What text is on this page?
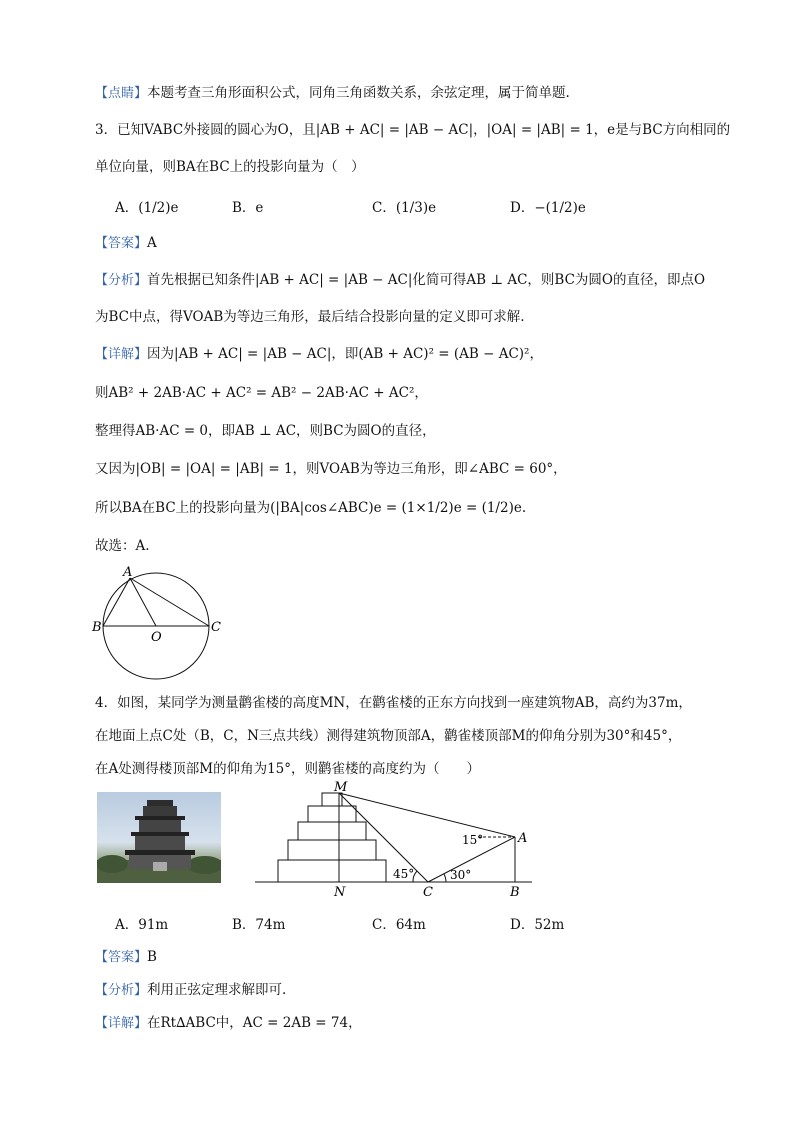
【点睛】本题考查三角形面积公式，同角三角函数关系，余弦定理，属于简单题.
3．已知VABC外接圆的圆心为O，且|AB + AC| = |AB − AC|，|OA| = |AB| = 1，e是与BC方向相同的
单位向量，则BA在BC上的投影向量为（　）
A．(1/2)e	B．e	C．(1/3)e	D．−(1/2)e
【答案】A
【分析】首先根据已知条件|AB + AC| = |AB − AC|化简可得AB ⊥ AC，则BC为圆O的直径，即点O
为BC中点，得VOAB为等边三角形，最后结合投影向量的定义即可求解.
【详解】因为|AB + AC| = |AB − AC|，即(AB + AC)² = (AB − AC)²，
则AB² + 2AB·AC + AC² = AB² − 2AB·AC + AC²，
整理得AB·AC = 0，即AB ⊥ AC，则BC为圆O的直径，
又因为|OB| = |OA| = |AB| = 1，则VOAB为等边三角形，即∠ABC = 60°，
所以BA在BC上的投影向量为(|BA|cos∠ABC)e = (1×1/2)e = (1/2)e.
故选：A.
A
B
O
C
4．如图，某同学为测量鹳雀楼的高度MN，在鹳雀楼的正东方向找到一座建筑物AB，高约为37m，
在地面上点C处（B，C，N三点共线）测得建筑物顶部A，鹳雀楼顶部M的仰角分别为30°和45°，
在A处测得楼顶部M的仰角为15°，则鹳雀楼的高度约为（　　）
M
A
N	C	B
15°
45°	30°
A．91m	B．74m	C．64m	D．52m
【答案】B
【分析】利用正弦定理求解即可.
【详解】在Rt∆ABC中，AC = 2AB = 74，
